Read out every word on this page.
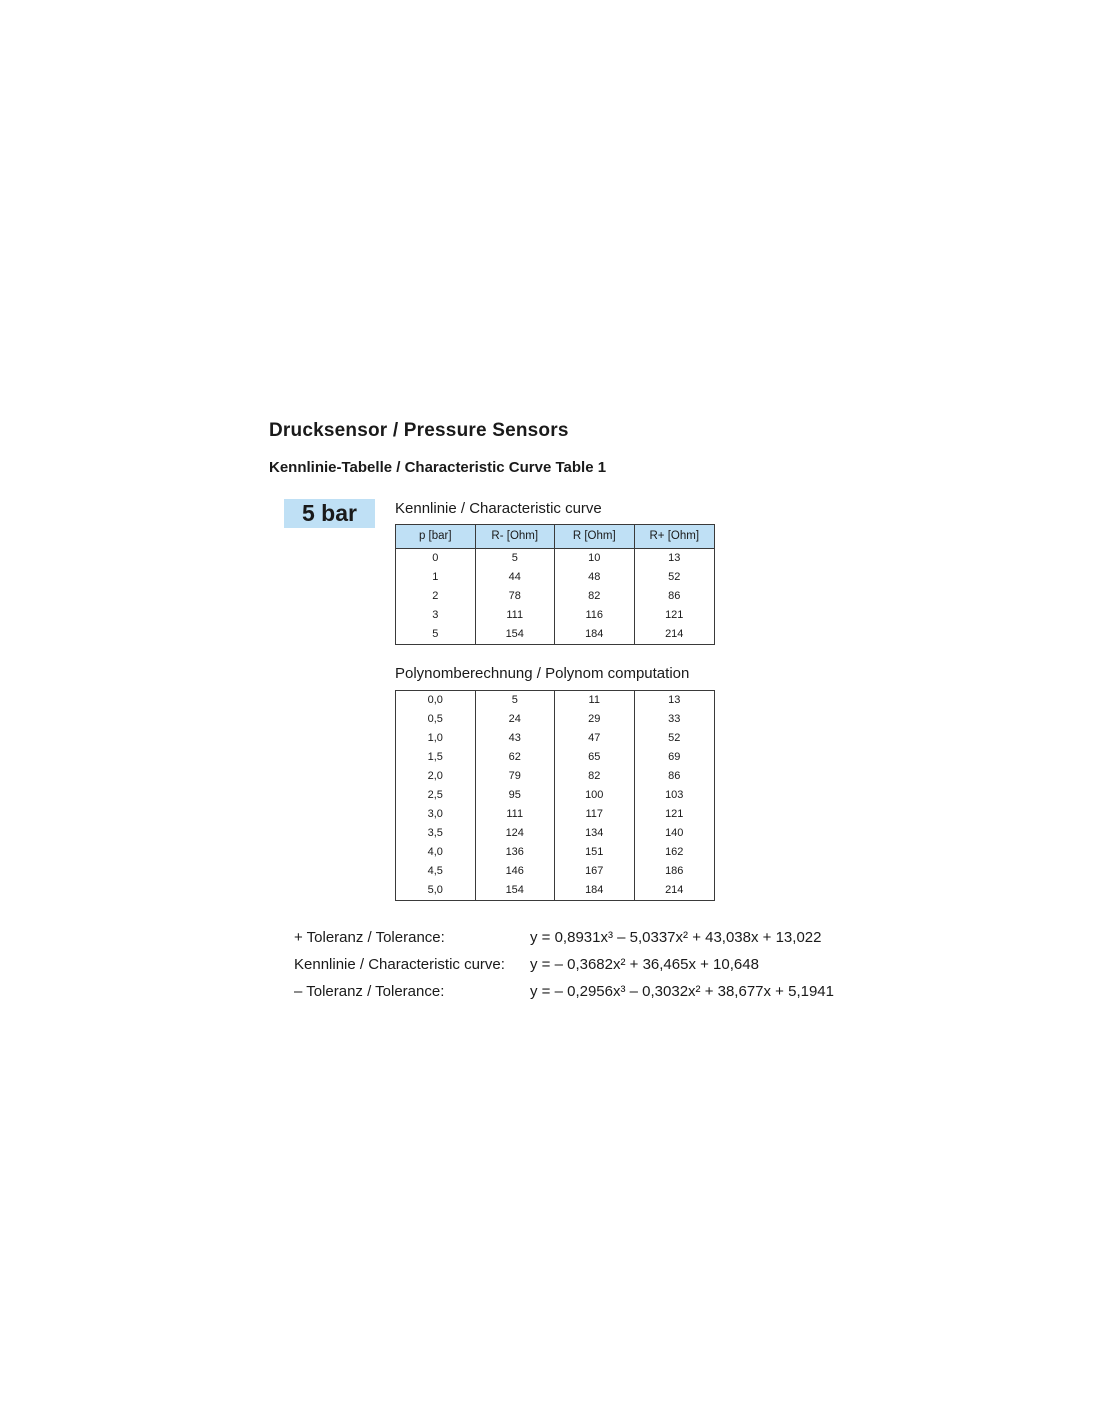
Drucksensor / Pressure Sensors
Kennlinie-Tabelle / Characteristic Curve Table 1
5 bar	Kennlinie / Characteristic curve
p [bar]	R- [Ohm]	R [Ohm]	R+ [Ohm]
0	5	10	13
1	44	48	52
2	78	82	86
3	111	116	121
5	154	184	214
Polynomberechnung / Polynom computation
0,0	5	11	13
0,5	24	29	33
1,0	43	47	52
1,5	62	65	69
2,0	79	82	86
2,5	95	100	103
3,0	111	117	121
3,5	124	134	140
4,0	136	151	162
4,5	146	167	186
5,0	154	184	214
+ Toleranz / Tolerance:	y = 0,8931x³ – 5,0337x² + 43,038x + 13,022
Kennlinie / Characteristic curve: y = – 0,3682x² + 36,465x + 10,648
– Toleranz / Tolerance:	y = – 0,2956x³ – 0,3032x² + 38,677x + 5,1941
